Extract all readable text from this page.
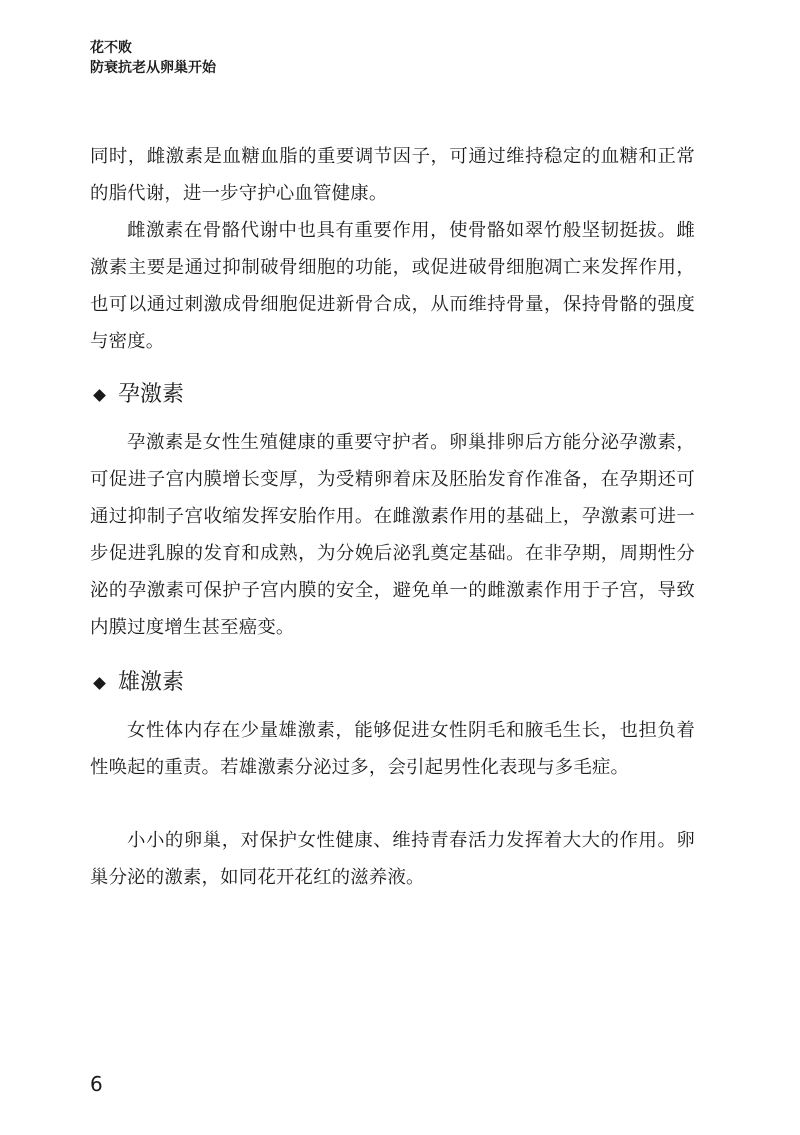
花不败

防衰抗老从卵巢开始

同时，雌激素是血糖血脂的重要调节因子，可通过维持稳定的血糖和正常的脂代谢，进一步守护心血管健康。

雌激素在骨骼代谢中也具有重要作用，使骨骼如翠竹般坚韧挺拔。雌激素主要是通过抑制破骨细胞的功能，或促进破骨细胞凋亡来发挥作用，也可以通过刺激成骨细胞促进新骨合成，从而维持骨量，保持骨骼的强度与密度。

孕激素

孕激素是女性生殖健康的重要守护者。卵巢排卵后方能分泌孕激素，可促进子宫内膜增长变厚，为受精卵着床及胚胎发育作准备，在孕期还可通过抑制子宫收缩发挥安胎作用。在雌激素作用的基础上，孕激素可进一步促进乳腺的发育和成熟，为分娩后泌乳奠定基础。在非孕期，周期性分泌的孕激素可保护子宫内膜的安全，避免单一的雌激素作用于子宫，导致内膜过度增生甚至癌变。

雄激素

女性体内存在少量雄激素，能够促进女性阴毛和腋毛生长，也担负着性唤起的重责。若雄激素分泌过多，会引起男性化表现与多毛症。

小小的卵巢，对保护女性健康、维持青春活力发挥着大大的作用。卵巢分泌的激素，如同花开花红的滋养液。

6
